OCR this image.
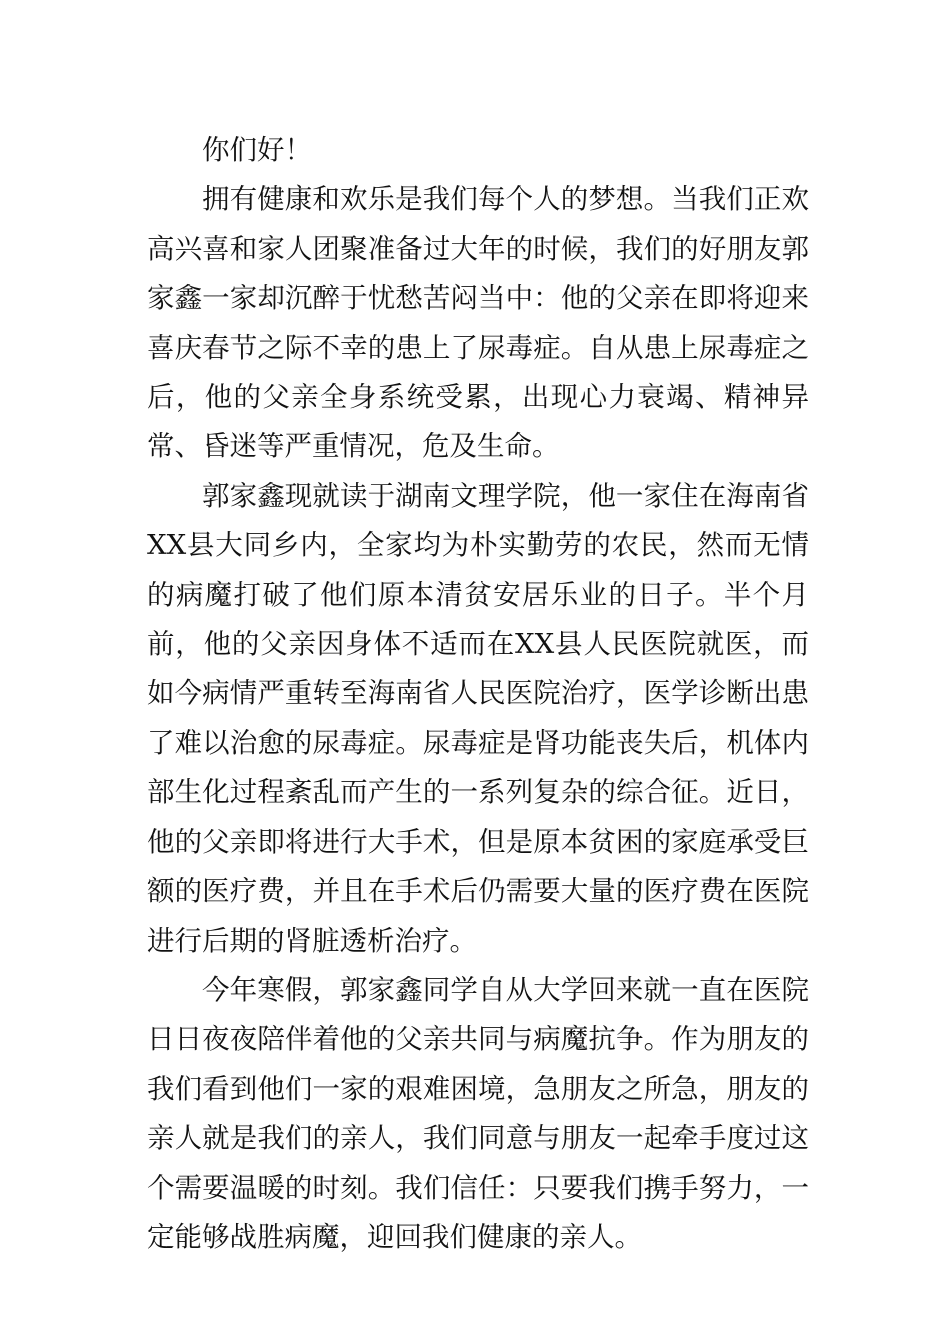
你们好！

拥有健康和欢乐是我们每个人的梦想。当我们正欢高兴喜和家人团聚准备过大年的时候，我们的好朋友郭家鑫一家却沉醉于忧愁苦闷当中：他的父亲在即将迎来喜庆春节之际不幸的患上了尿毒症。自从患上尿毒症之后，他的父亲全身系统受累，出现心力衰竭、精神异常、昏迷等严重情况，危及生命。

郭家鑫现就读于湖南文理学院，他一家住在海南省XX县大同乡内，全家均为朴实勤劳的农民，然而无情的病魔打破了他们原本清贫安居乐业的日子。半个月前，他的父亲因身体不适而在XX县人民医院就医，而如今病情严重转至海南省人民医院治疗，医学诊断出患了难以治愈的尿毒症。尿毒症是肾功能丧失后，机体内部生化过程紊乱而产生的一系列复杂的综合征。近日，他的父亲即将进行大手术，但是原本贫困的家庭承受巨额的医疗费，并且在手术后仍需要大量的医疗费在医院进行后期的肾脏透析治疗。

今年寒假，郭家鑫同学自从大学回来就一直在医院日日夜夜陪伴着他的父亲共同与病魔抗争。作为朋友的我们看到他们一家的艰难困境，急朋友之所急，朋友的亲人就是我们的亲人，我们同意与朋友一起牵手度过这个需要温暖的时刻。我们信任：只要我们携手努力，一定能够战胜病魔，迎回我们健康的亲人。
